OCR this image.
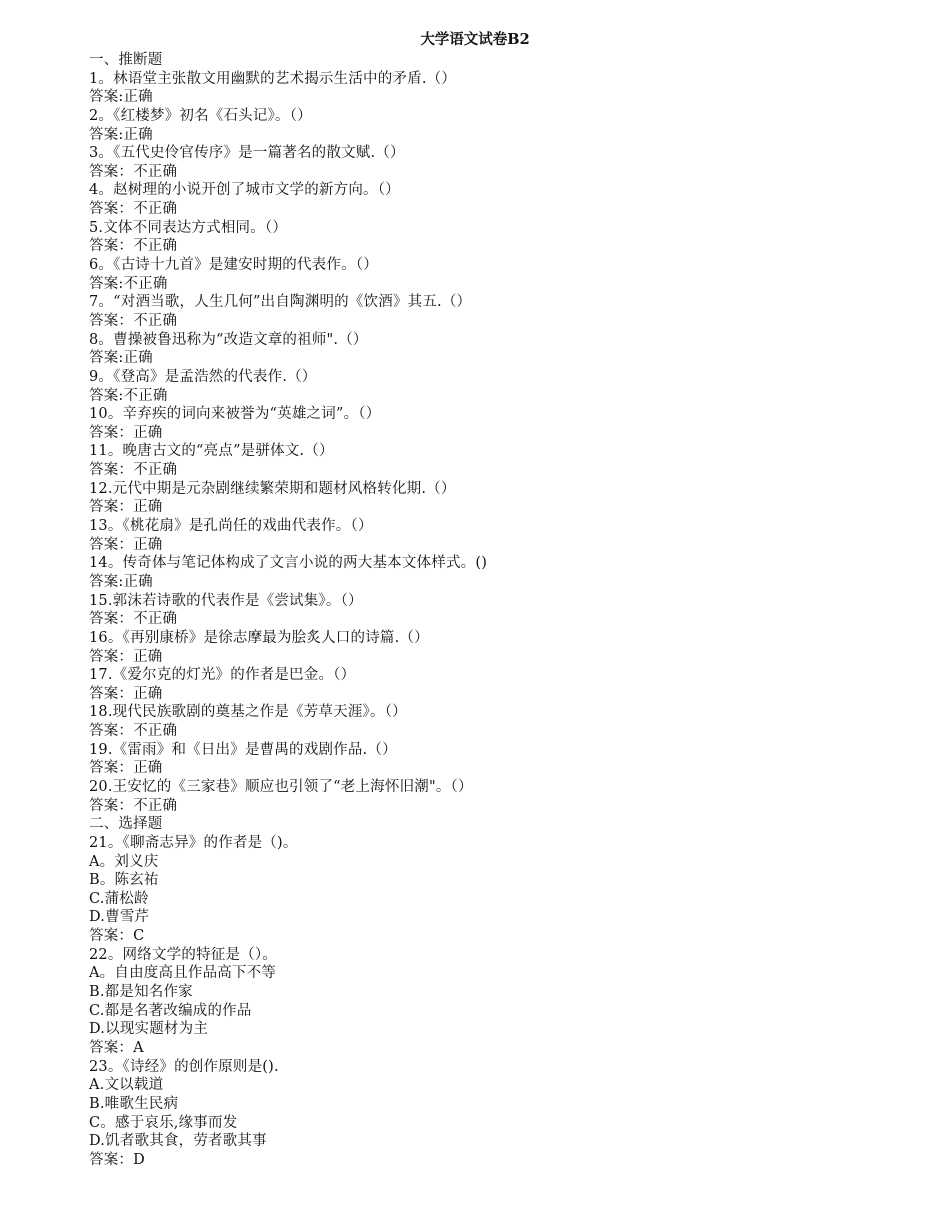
大学语文试卷B2
一、推断题
1。林语堂主张散文用幽默的艺术揭示生活中的矛盾.（）
答案:正确
2。《红楼梦》初名《石头记》。（）
答案:正确
3。《五代史伶官传序》是一篇著名的散文赋.（）
答案：不正确
4。赵树理的小说开创了城市文学的新方向。（）
答案：不正确
5.文体不同表达方式相同。（）
答案：不正确
6。《古诗十九首》是建安时期的代表作。（）
答案:不正确
7。“对酒当歌，人生几何”出自陶渊明的《饮酒》其五.（）
答案：不正确
8。曹操被鲁迅称为“改造文章的祖师".（）
答案:正确
9。《登高》是孟浩然的代表作.（）
答案:不正确
10。辛弃疾的词向来被誉为“英雄之词”。（）
答案：正确
11。晚唐古文的“亮点”是骈体文.（）
答案：不正确
12.元代中期是元杂剧继续繁荣期和题材风格转化期.（）
答案：正确
13。《桃花扇》是孔尚任的戏曲代表作。（）
答案：正确
14。传奇体与笔记体构成了文言小说的两大基本文体样式。()
答案:正确
15.郭沫若诗歌的代表作是《尝试集》。（）
答案：不正确
16。《再别康桥》是徐志摩最为脍炙人口的诗篇.（）
答案：正确
17.《爱尔克的灯光》的作者是巴金。（）
答案：正确
18.现代民族歌剧的奠基之作是《芳草天涯》。（）
答案：不正确
19.《雷雨》和《日出》是曹禺的戏剧作品.（）
答案：正确
20.王安忆的《三家巷》顺应也引领了“老上海怀旧潮"。（）
答案：不正确
二、选择题
21。《聊斋志异》的作者是（)。
A。刘义庆
B。陈玄祐
C.蒲松龄
D.曹雪芹
答案：C
22。网络文学的特征是（）。
A。自由度高且作品高下不等
B.都是知名作家
C.都是名著改编成的作品
D.以现实题材为主
答案：A
23。《诗经》的创作原则是().
A.文以载道
B.唯歌生民病
C。感于哀乐,缘事而发
D.饥者歌其食，劳者歌其事
答案：D
